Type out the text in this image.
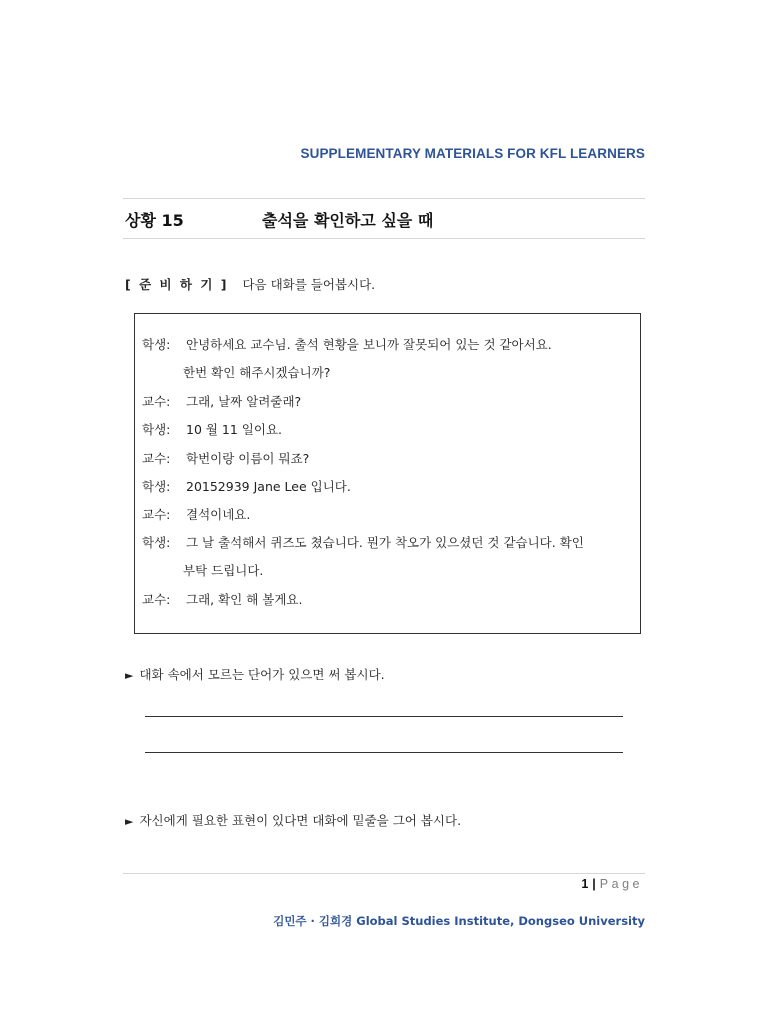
SUPPLEMENTARY MATERIALS FOR KFL LEARNERS
상황 15	출석을 확인하고 싶을 때
[ 준 비 하 기 ] 다음 대화를 들어봅시다.
학생: 안녕하세요 교수님. 출석 현황을 보니까 잘못되어 있는 것 같아서요.
한번 확인 해주시겠습니까?
교수: 그래, 날짜 알려줄래?
학생: 10 월 11 일이요.
교수: 학번이랑 이름이 뭐죠?
학생: 20152939 Jane Lee 입니다.
교수: 결석이네요.
학생: 그 날 출석해서 퀴즈도 쳤습니다. 뭔가 착오가 있으셨던 것 같습니다. 확인
부탁 드립니다.
교수: 그래, 확인 해 볼게요.
► 대화 속에서 모르는 단어가 있으면 써 봅시다.
► 자신에게 필요한 표현이 있다면 대화에 밑줄을 그어 봅시다.
1 | Page
김민주 · 김희경 Global Studies Institute, Dongseo University
